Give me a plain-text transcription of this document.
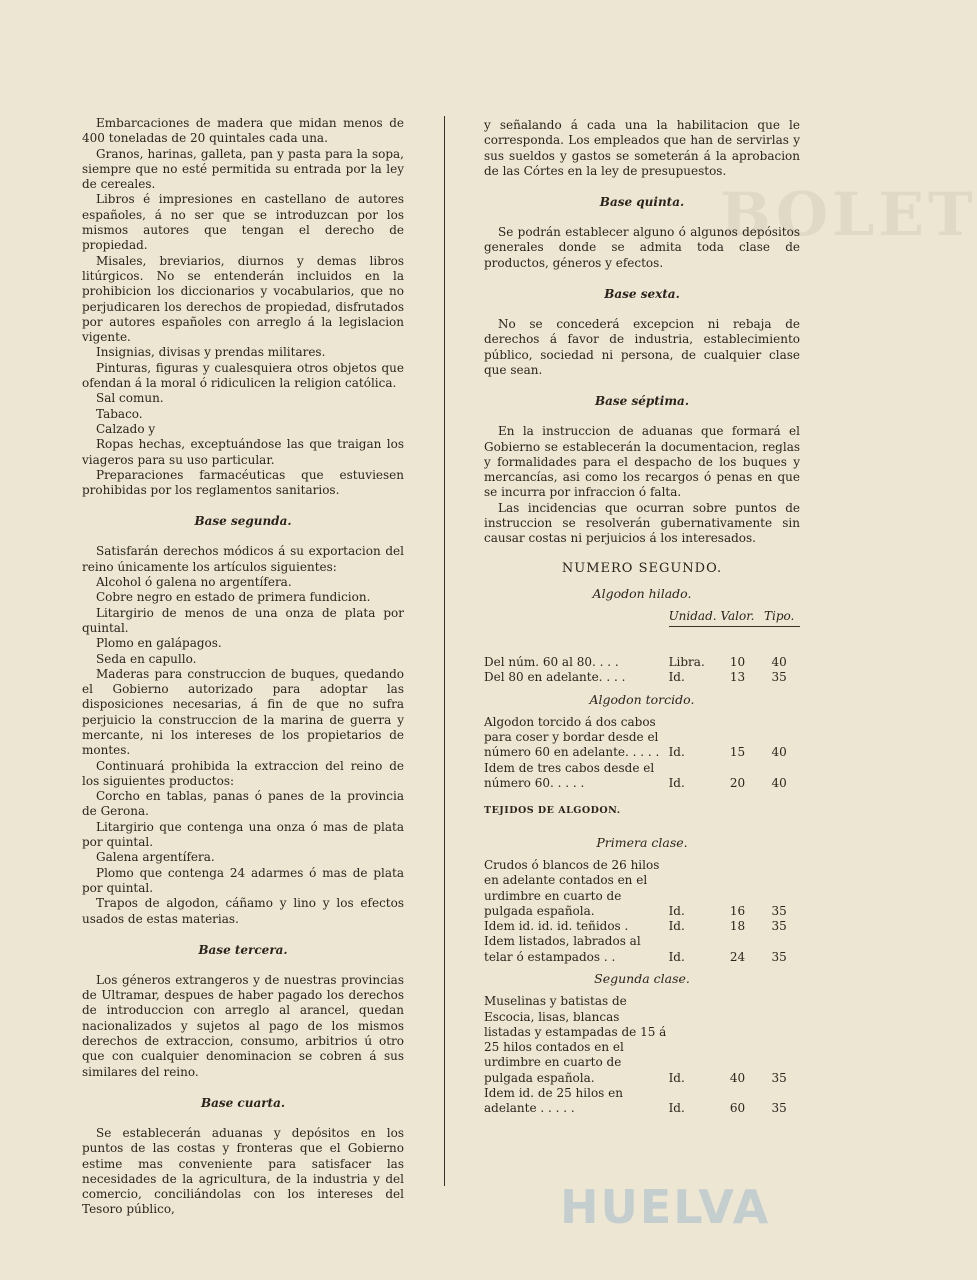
BOLET

Embarcaciones de madera que midan menos de 400 toneladas de 20 quintales cada una.

Granos, harinas, galleta, pan y pasta para la sopa, siempre que no esté permitida su entrada por la ley de cereales.

Libros é impresiones en castellano de autores españoles, á no ser que se introduzcan por los mismos autores que tengan el derecho de propiedad.

Misales, breviarios, diurnos y demas libros litúrgicos. No se entenderán incluidos en la prohibicion los diccionarios y vocabularios, que no perjudicaren los derechos de propiedad, disfrutados por autores españoles con arreglo á la legislacion vigente.

Insignias, divisas y prendas militares.

Pinturas, figuras y cualesquiera otros objetos que ofendan á la moral ó ridiculicen la religion católica.

Sal comun.

Tabaco.

Calzado y

Ropas hechas, exceptuándose las que traigan los viageros para su uso particular.

Preparaciones farmacéuticas que estuviesen prohibidas por los reglamentos sanitarios.

Base segunda.

Satisfarán derechos módicos á su exportacion del reino únicamente los artículos siguientes:

Alcohol ó galena no argentífera.

Cobre negro en estado de primera fundicion.

Litargirio de menos de una onza de plata por quintal.

Plomo en galápagos.

Seda en capullo.

Maderas para construccion de buques, quedando el Gobierno autorizado para adoptar las disposiciones necesarias, á fin de que no sufra perjuicio la construccion de la marina de guerra y mercante, ni los intereses de los propietarios de montes.

Continuará prohibida la extraccion del reino de los siguientes productos:

Corcho en tablas, panas ó panes de la provincia de Gerona.

Litargirio que contenga una onza ó mas de plata por quintal.

Galena argentífera.

Plomo que contenga 24 adarmes ó mas de plata por quintal.

Trapos de algodon, cáñamo y lino y los efectos usados de estas materias.

Base tercera.

Los géneros extrangeros y de nuestras provincias de Ultramar, despues de haber pagado los derechos de introduccion con arreglo al arancel, quedan nacionalizados y sujetos al pago de los mismos derechos de extraccion, consumo, arbitrios ú otro que con cualquier denominacion se cobren á sus similares del reino.

Base cuarta.

Se establecerán aduanas y depósitos en los puntos de las costas y fronteras que el Gobierno estime mas conveniente para satisfacer las necesidades de la agricultura, de la industria y del comercio, conciliándolas con los intereses del Tesoro público,

y señalando á cada una la habilitacion que le corresponda. Los empleados que han de servirlas y sus sueldos y gastos se someterán á la aprobacion de las Córtes en la ley de presupuestos.

Base quinta.

Se podrán establecer alguno ó algunos depósitos generales donde se admita toda clase de productos, géneros y efectos.

Base sexta.

No se concederá excepcion ni rebaja de derechos á favor de industria, establecimiento público, sociedad ni persona, de cualquier clase que sean.

Base séptima.

En la instruccion de aduanas que formará el Gobierno se establecerán la documentacion, reglas y formalidades para el despacho de los buques y mercancías, asi como los recargos ó penas en que se incurra por infraccion ó falta.

Las incidencias que ocurran sobre puntos de instruccion se resolverán gubernativamente sin causar costas ni perjuicios á los interesados.

NUMERO SEGUNDO.
Algodon hilado.
	Unidad.	Valor.	Tipo.

Del núm. 60 al 80. . . .	Libra.	10	40
Del 80 en adelante. . . .	Id.	13	35

Algodon torcido.			

Algodon torcido á dos cabos para coser y bordar desde el número 60 en adelante. . . . .	Id.	15	40
Idem de tres cabos desde el número 60. . . . .	Id.	20	40

TEJIDOS DE ALGODON.			

Primera clase.			

Crudos ó blancos de 26 hilos en adelante contados en el urdimbre en cuarto de pulgada española.	Id.	16	35
Idem id. id. id. teñidos .	Id.	18	35
Idem listados, labrados al telar ó estampados . .	Id.	24	35

Segunda clase.			

Muselinas y batistas de Escocia, lisas, blancas listadas y estampadas de 15 á 25 hilos contados en el urdimbre en cuarto de pulgada española.	Id.	40	35
Idem id. de 25 hilos en adelante . . . . .	Id.	60	35
HUELVA
